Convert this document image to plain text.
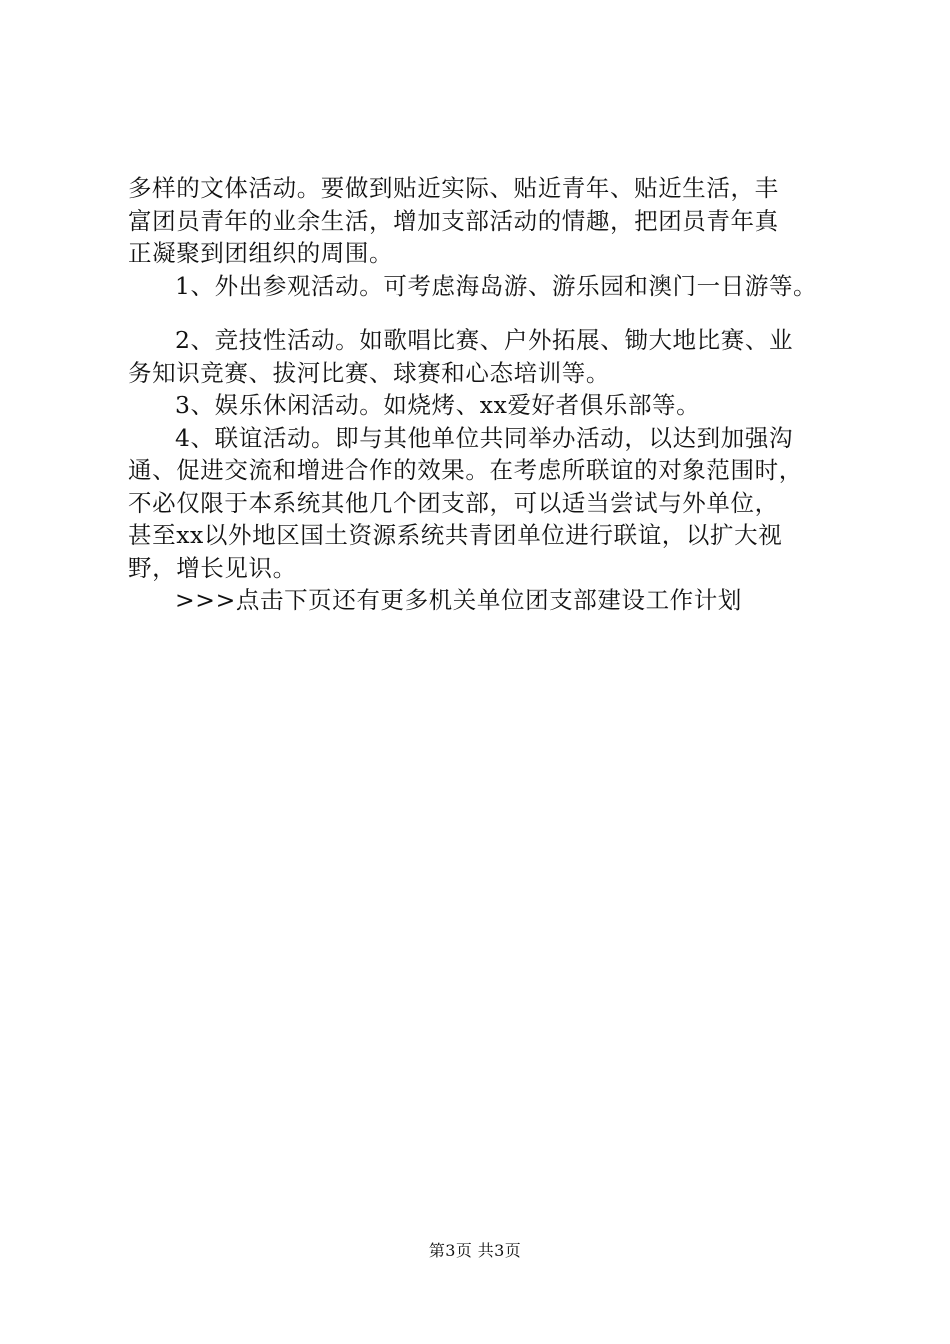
多样的文体活动。要做到贴近实际、贴近青年、贴近生活，丰
富团员青年的业余生活，增加支部活动的情趣，把团员青年真
正凝聚到团组织的周围。
1、外出参观活动。可考虑海岛游、游乐园和澳门一日游等。
2、竞技性活动。如歌唱比赛、户外拓展、锄大地比赛、业
务知识竞赛、拔河比赛、球赛和心态培训等。
3、娱乐休闲活动。如烧烤、xx爱好者俱乐部等。
4、联谊活动。即与其他单位共同举办活动，以达到加强沟
通、促进交流和增进合作的效果。在考虑所联谊的对象范围时，
不必仅限于本系统其他几个团支部，可以适当尝试与外单位，
甚至xx以外地区国土资源系统共青团单位进行联谊，以扩大视
野，增长见识。
>>>点击下页还有更多机关单位团支部建设工作计划
第3页 共3页
